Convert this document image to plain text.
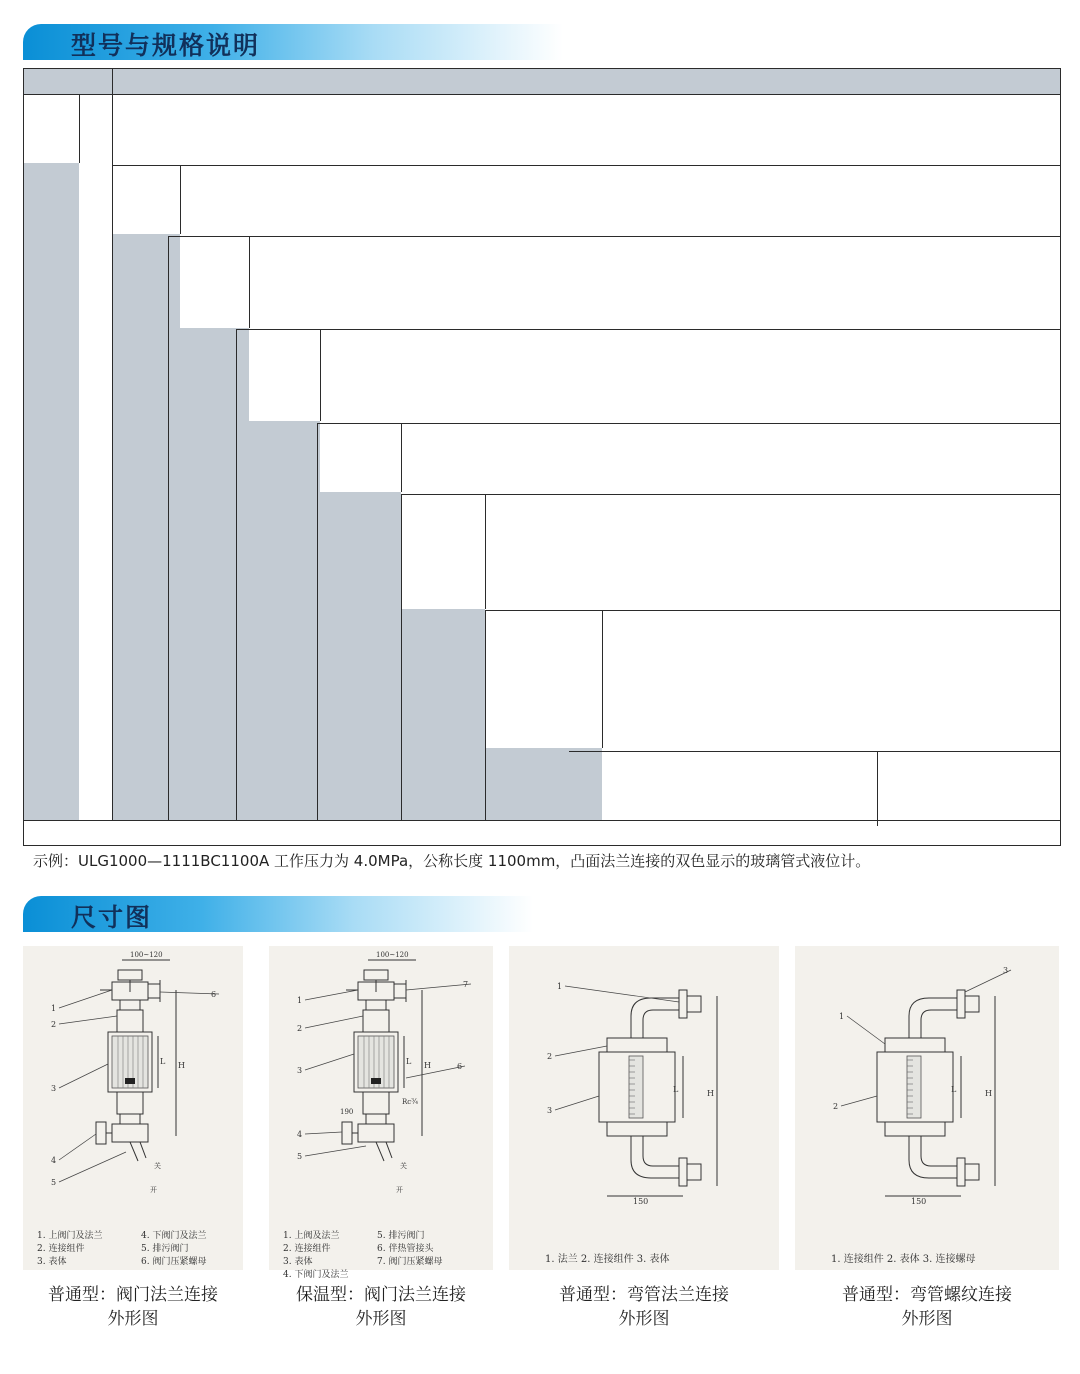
型号与规格说明
尺寸图
示例：ULG1000—1111BC1100A 工作压力为 4.0MPa，公称长度 1100mm，凸面法兰连接的双色显示的玻璃管式液位计。
100~120
H
L
1
2
3
4
5
6
关
开
1. 上阀门及法兰	4. 下阀门及法兰
2. 连接组件	5. 排污阀门
3. 表体	6. 阀门压紧螺母
普通型：阀门法兰连接
外形图
100~120
H
L
1
2
3
4
5
6
7
关
开
190
Rc¾
1. 上阀及法兰	5. 排污阀门
2. 连接组件	6. 伴热管接头
3. 表体	7. 阀门压紧螺母
4. 下阀门及法兰
保温型：阀门法兰连接
外形图
H
L
150
1
2
3
1. 法兰 2. 连接组件 3. 表体
普通型：弯管法兰连接
外形图
H
L
150
1
2
3
1. 连接组件 2. 表体 3. 连接螺母
普通型：弯管螺纹连接
外形图
